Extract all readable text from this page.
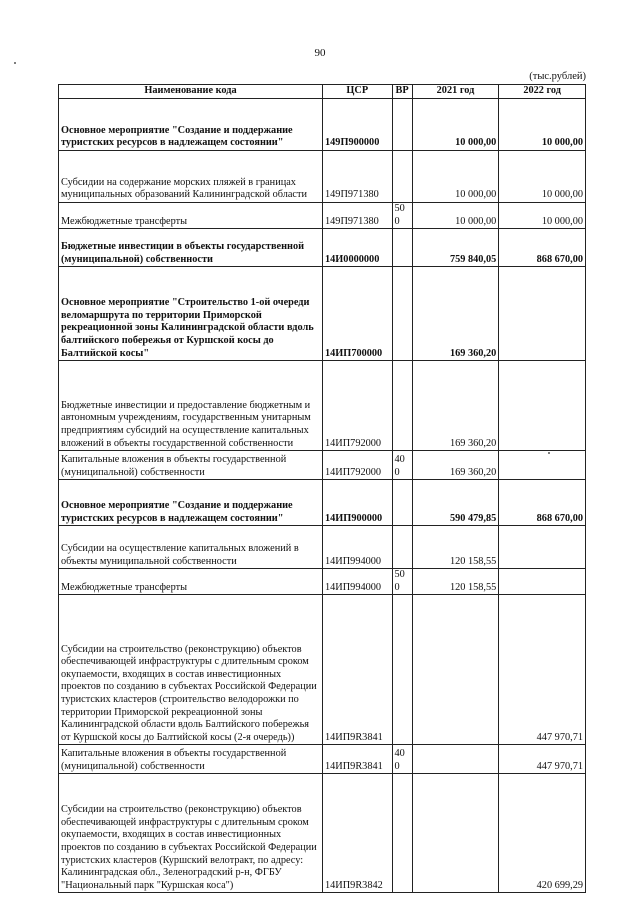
90
(тыс.рублей)
Наименование кода	ЦСР	ВР	2021 год	2022 год
Основное мероприятие "Создание и поддержание туристских ресурсов в надлежащем состоянии"	149П900000		10 000,00	10 000,00
Субсидии на содержание морских пляжей в границах муниципальных образований Калининградской области	149П971380		10 000,00	10 000,00
Межбюджетные трансферты	149П971380	500	10 000,00	10 000,00
Бюджетные инвестиции в объекты государственной (муниципальной) собственности	14И0000000		759 840,05	868 670,00
Основное мероприятие "Строительство 1-ой очереди веломаршрута по территории Приморской рекреационной зоны Калининградской области вдоль балтийского побережья от Куршской косы до Балтийской косы"	14ИП700000		169 360,20	
Бюджетные инвестиции и предоставление бюджетным и автономным учреждениям, государственным унитарным предприятиям субсидий на осуществление капитальных вложений в объекты государственной собственности	14ИП792000		169 360,20	
Капитальные вложения в объекты государственной (муниципальной) собственности	14ИП792000	400	169 360,20	
Основное мероприятие "Создание и поддержание туристских ресурсов в надлежащем состоянии"	14ИП900000		590 479,85	868 670,00
Субсидии на осуществление капитальных вложений в объекты муниципальной собственности	14ИП994000		120 158,55	
Межбюджетные трансферты	14ИП994000	500	120 158,55	
Субсидии на строительство (реконструкцию) объектов обеспечивающей инфраструктуры с длительным сроком окупаемости, входящих в состав инвестиционных проектов по созданию в субъектах Российской Федерации туристских кластеров (строительство велодорожки по территории Приморской рекреационной зоны Калининградской области вдоль Балтийского побережья от Куршской косы до Балтийской косы (2-я очередь))	14ИП9R3841			447 970,71
Капитальные вложения в объекты государственной (муниципальной) собственности	14ИП9R3841	400		447 970,71
Субсидии на строительство (реконструкцию) объектов обеспечивающей инфраструктуры с длительным сроком окупаемости, входящих в состав инвестиционных проектов по созданию в субъектах Российской Федерации туристских кластеров (Куршский велотракт, по адресу: Калининградская обл., Зеленоградский р-н, ФГБУ "Национальный парк "Куршская коса")	14ИП9R3842			420 699,29
